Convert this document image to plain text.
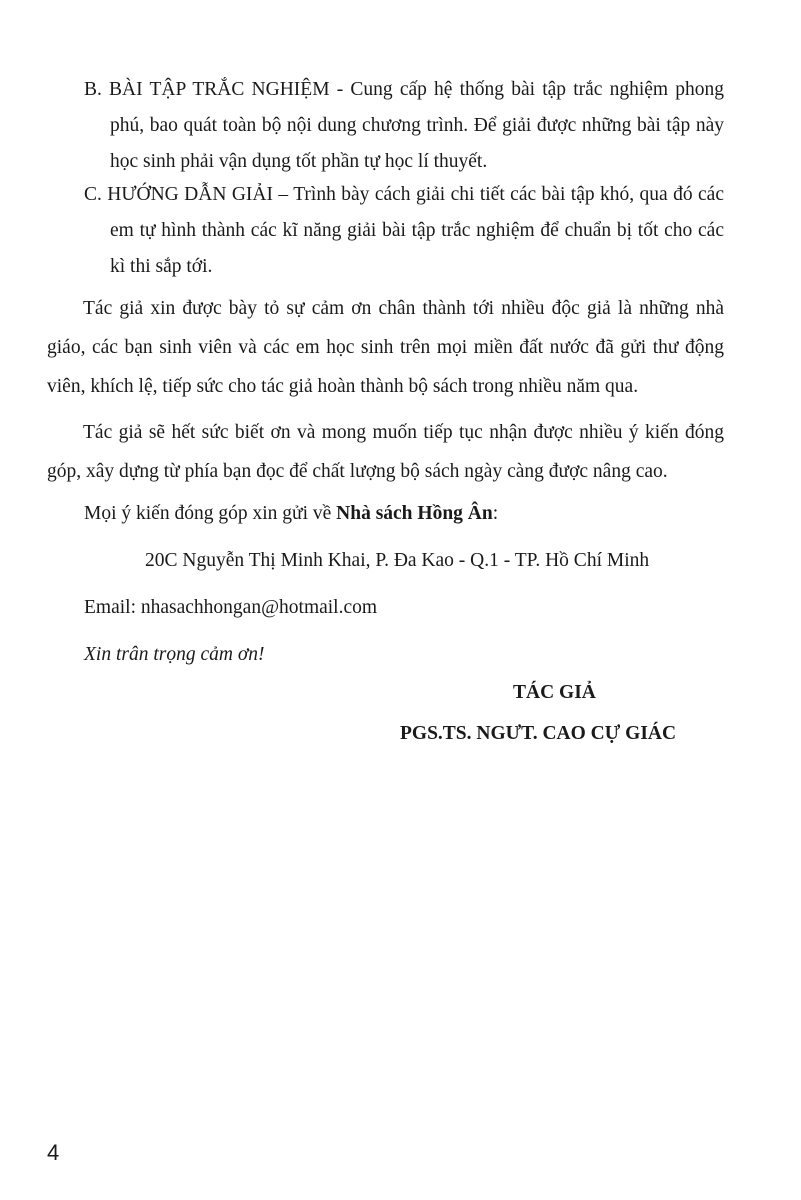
B. BÀI TẬP TRẮC NGHIỆM - Cung cấp hệ thống bài tập trắc nghiệm phong phú, bao quát toàn bộ nội dung chương trình. Để giải được những bài tập này học sinh phải vận dụng tốt phần tự học lí thuyết.
C. HƯỚNG DẪN GIẢI – Trình bày cách giải chi tiết các bài tập khó, qua đó các em tự hình thành các kĩ năng giải bài tập trắc nghiệm để chuẩn bị tốt cho các kì thi sắp tới.
Tác giả xin được bày tỏ sự cảm ơn chân thành tới nhiều độc giả là những nhà giáo, các bạn sinh viên và các em học sinh trên mọi miền đất nước đã gửi thư động viên, khích lệ, tiếp sức cho tác giả hoàn thành bộ sách trong nhiều năm qua.
Tác giả sẽ hết sức biết ơn và mong muốn tiếp tục nhận được nhiều ý kiến đóng góp, xây dựng từ phía bạn đọc để chất lượng bộ sách ngày càng được nâng cao.
Mọi ý kiến đóng góp xin gửi về Nhà sách Hồng Ân:
20C Nguyễn Thị Minh Khai, P. Đa Kao - Q.1 - TP. Hồ Chí Minh
Email: nhasachhongan@hotmail.com
Xin trân trọng cảm ơn!
TÁC GIẢ
PGS.TS. NGƯT. CAO CỰ GIÁC
4
